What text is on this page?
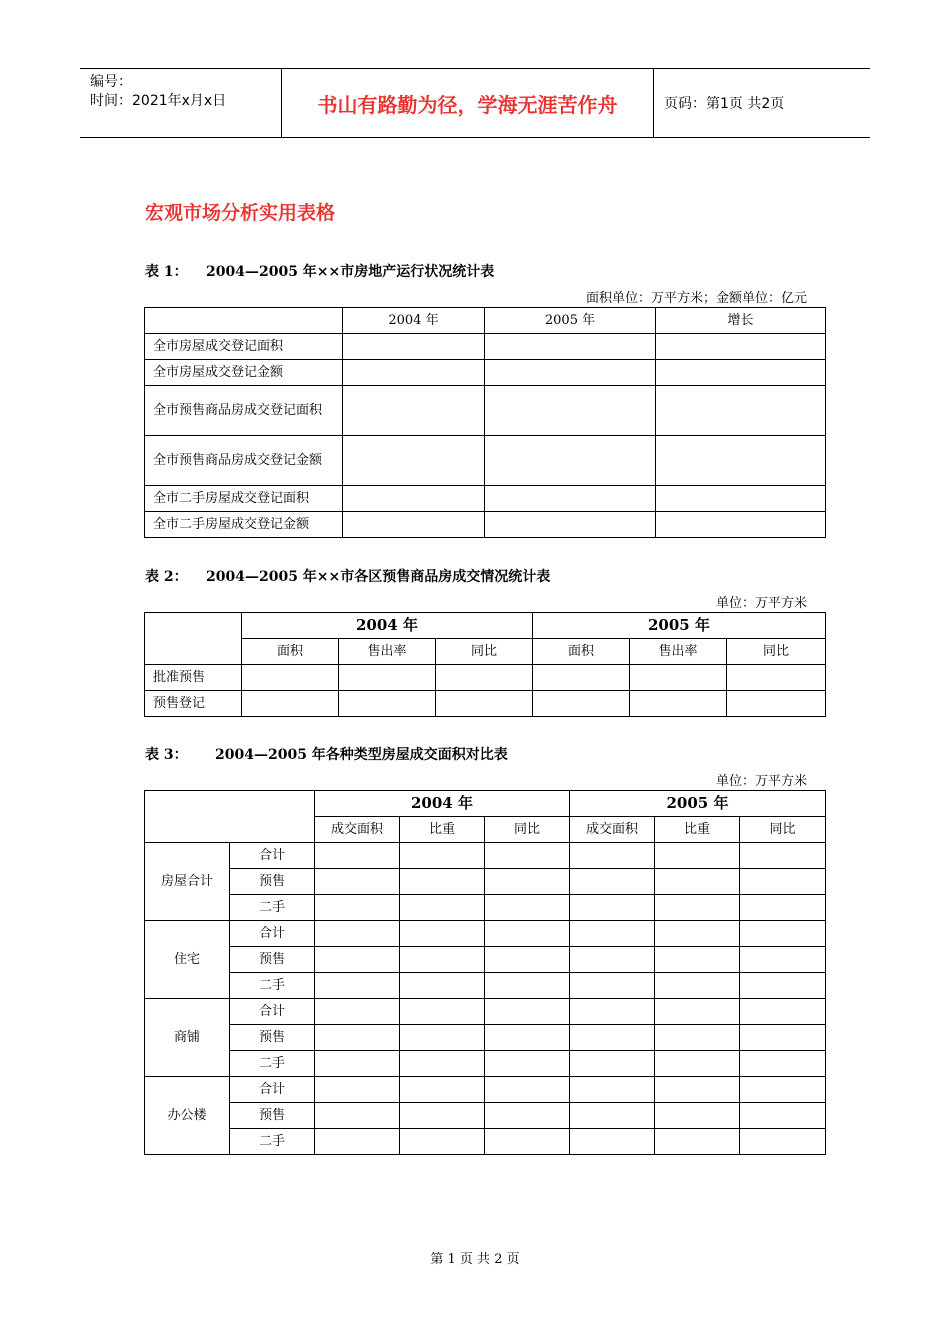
编号：
时间：2021年x月x日	书山有路勤为径，学海无涯苦作舟	页码：第1页 共2页
宏观市场分析实用表格
表 1： 2004—2005 年××市房地产运行状况统计表
面积单位：万平方米；金额单位：亿元
	2004 年	2005 年	增长
全市房屋成交登记面积			
全市房屋成交登记金额			
全市预售商品房成交登记面积			
全市预售商品房成交登记金额			
全市二手房屋成交登记面积			
全市二手房屋成交登记金额			
表 2： 2004—2005 年××市各区预售商品房成交情况统计表
单位：万平方米
	2004 年			2005 年		
	面积	售出率	同比	面积	售出率	同比
批准预售						
预售登记						
表 3： 2004—2005 年各种类型房屋成交面积对比表
单位：万平方米
		2004 年			2005 年		
		成交面积	比重	同比	成交面积	比重	同比
房屋合计	合计						
	预售						
	二手						
住宅	合计						
	预售						
	二手						
商铺	合计						
	预售						
	二手						
办公楼	合计						
	预售						
	二手						
第 1 页 共 2 页
